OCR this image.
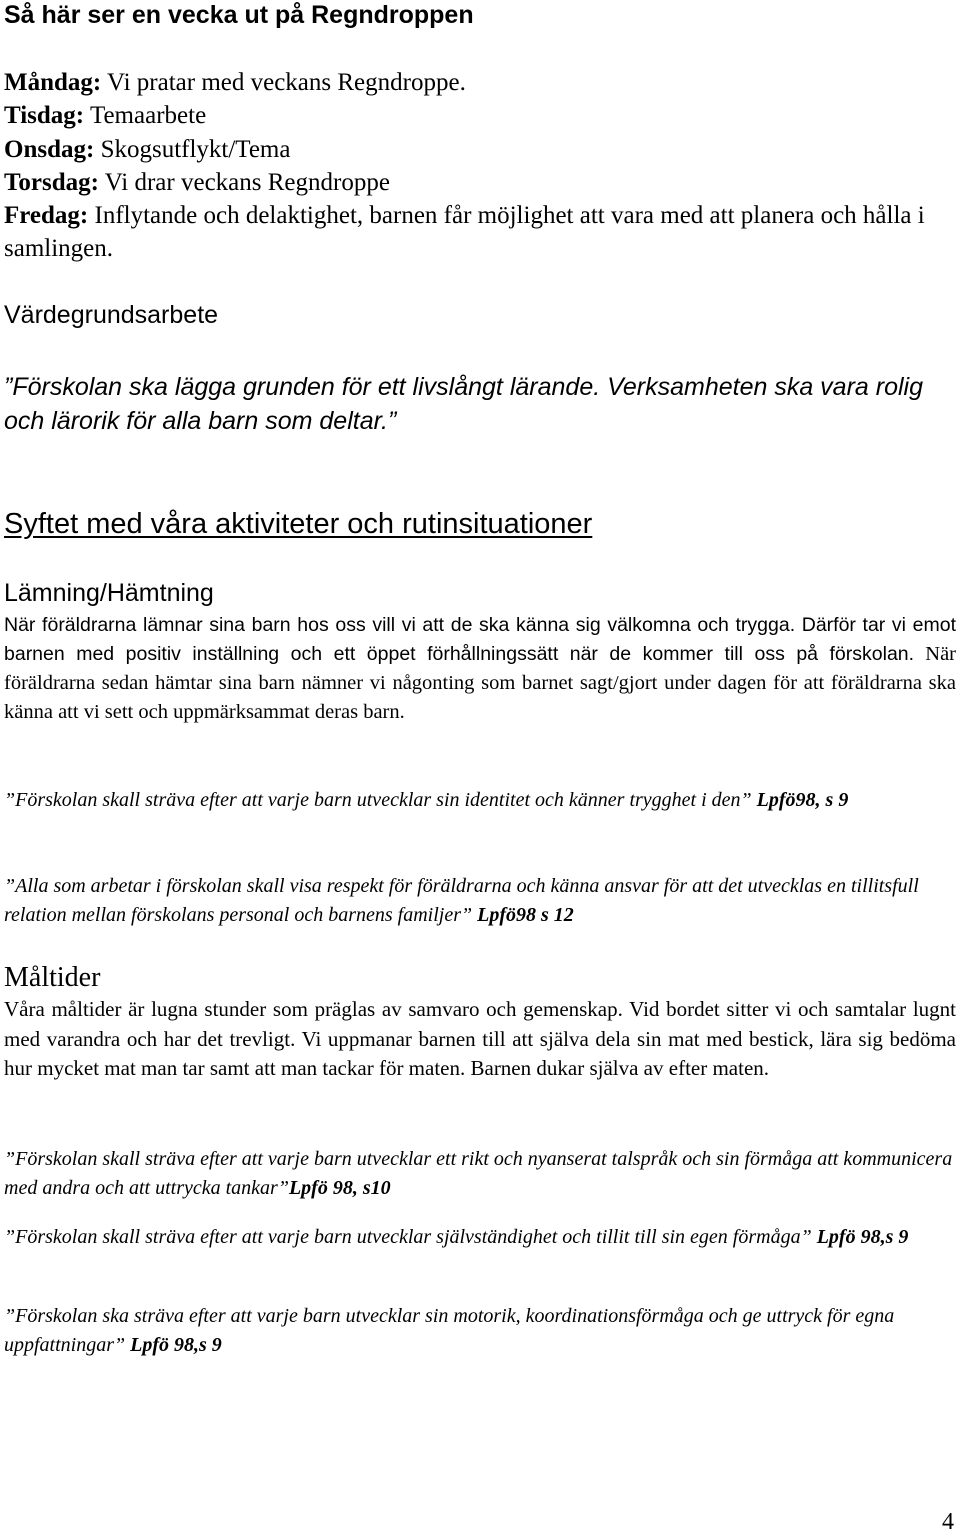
Så här ser en vecka ut på Regndroppen
Måndag: Vi pratar med veckans Regndroppe.
Tisdag: Temaarbete
Onsdag: Skogsutflykt/Tema
Torsdag: Vi drar veckans Regndroppe
Fredag: Inflytande och delaktighet, barnen får möjlighet att vara med att planera och hålla i samlingen.
Värdegrundsarbete
”Förskolan ska lägga grunden för ett livslångt lärande. Verksamheten ska vara rolig och lärorik för alla barn som deltar.”
Syftet med våra aktiviteter och rutinsituationer
Lämning/Hämtning

När föräldrarna lämnar sina barn hos oss vill vi att de ska känna sig välkomna och trygga. Därför tar vi emot barnen med positiv inställning och ett öppet förhållningssätt när de kommer till oss på förskolan. När föräldrarna sedan hämtar sina barn nämner vi någonting som barnet sagt/gjort under dagen för att föräldrarna ska känna att vi sett och uppmärksammat deras barn.

”Förskolan skall sträva efter att varje barn utvecklar sin identitet och känner trygghet i den” Lpfö98, s 9

”Alla som arbetar i förskolan skall visa respekt för föräldrarna och känna ansvar för att det utvecklas en tillitsfull relation mellan förskolans personal och barnens familjer” Lpfö98 s 12

Måltider

Våra måltider är lugna stunder som präglas av samvaro och gemenskap. Vid bordet sitter vi och samtalar lugnt med varandra och har det trevligt. Vi uppmanar barnen till att själva dela sin mat med bestick, lära sig bedöma hur mycket mat man tar samt att man tackar för maten. Barnen dukar själva av efter maten.

”Förskolan skall sträva efter att varje barn utvecklar ett rikt och nyanserat talspråk och sin förmåga att kommunicera med andra och att uttrycka tankar”Lpfö 98, s10

”Förskolan skall sträva efter att varje barn utvecklar självständighet och tillit till sin egen förmåga” Lpfö 98,s 9

”Förskolan ska sträva efter att varje barn utvecklar sin motorik, koordinationsförmåga och ge uttryck för egna uppfattningar” Lpfö 98,s 9

4
